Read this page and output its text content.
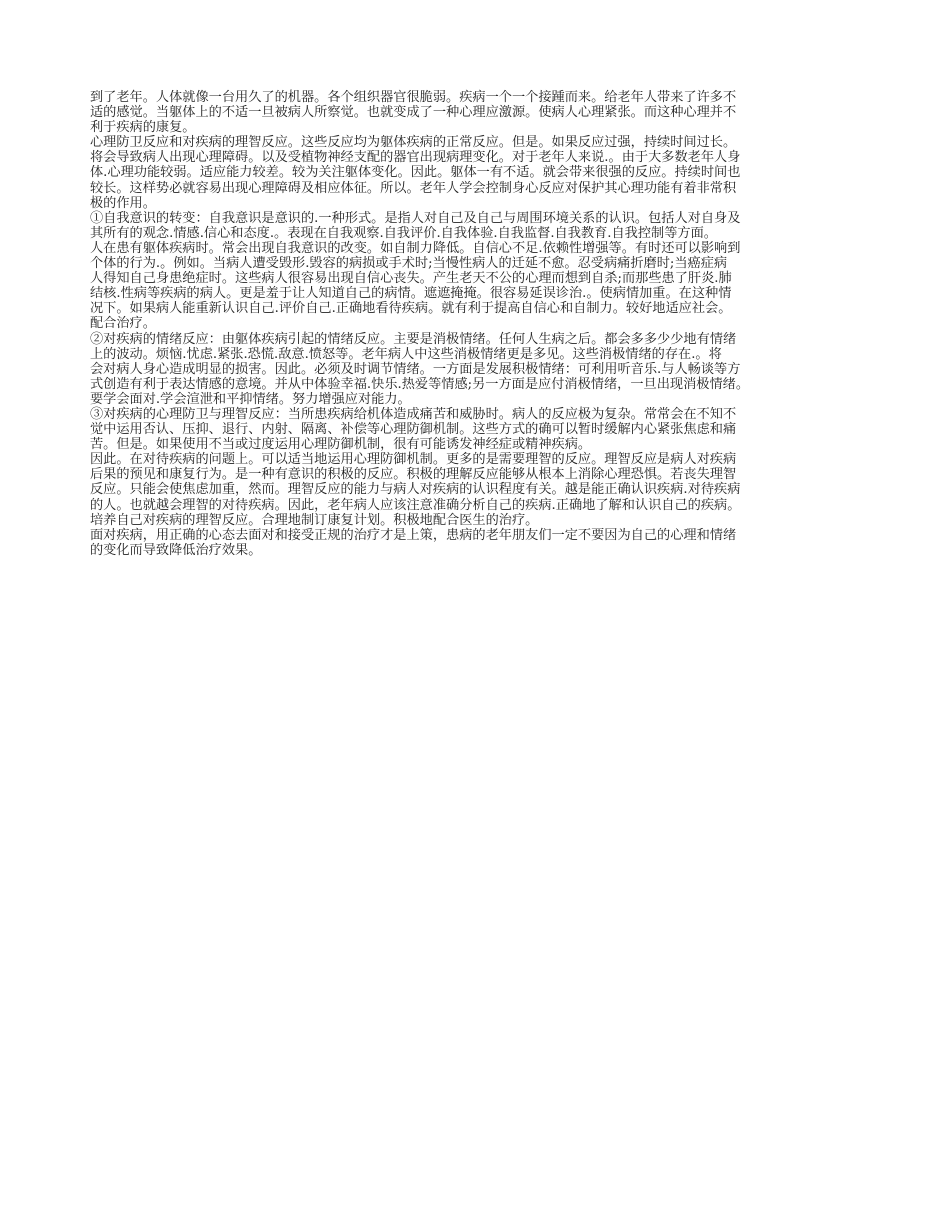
到了老年。人体就像一台用久了的机器。各个组织器官很脆弱。疾病一个一个接踵而来。给老年人带来了许多不
适的感觉。当躯体上的不适一旦被病人所察觉。也就变成了一种心理应激源。使病人心理紧张。而这种心理并不
利于疾病的康复。
心理防卫反应和对疾病的理智反应。这些反应均为躯体疾病的正常反应。但是。如果反应过强，持续时间过长。
将会导致病人出现心理障碍。以及受植物神经支配的器官出现病理变化。对于老年人来说.。由于大多数老年人身
体.心理功能较弱。适应能力较差。较为关注躯体变化。因此。躯体一有不适。就会带来很强的反应。持续时间也
较长。这样势必就容易出现心理障碍及相应体征。所以。老年人学会控制身心反应对保护其心理功能有着非常积
极的作用。
①自我意识的转变：自我意识是意识的.一种形式。是指人对自己及自己与周围环境关系的认识。包括人对自身及
其所有的观念.情感.信心和态度.。表现在自我观察.自我评价.自我体验.自我监督.自我教育.自我控制等方面。
人在患有躯体疾病时。常会出现自我意识的改变。如自制力降低。自信心不足.依赖性增强等。有时还可以影响到
个体的行为.。例如。当病人遭受毁形.毁容的病损或手术时;当慢性病人的迁延不愈。忍受病痛折磨时;当癌症病
人得知自己身患绝症时。这些病人很容易出现自信心丧失。产生老天不公的心理而想到自杀;而那些患了肝炎.肺
结核.性病等疾病的病人。更是羞于让人知道自己的病情。遮遮掩掩。很容易延误诊治.。使病情加重。在这种情
况下。如果病人能重新认识自己.评价自己.正确地看待疾病。就有利于提高自信心和自制力。较好地适应社会。
配合治疗。
②对疾病的情绪反应：由躯体疾病引起的情绪反应。主要是消极情绪。任何人生病之后。都会多多少少地有情绪
上的波动。烦恼.忧虑.紧张.恐慌.敌意.愤怒等。老年病人中这些消极情绪更是多见。这些消极情绪的存在.。将
会对病人身心造成明显的损害。因此。必须及时调节情绪。一方面是发展积极情绪：可利用听音乐.与人畅谈等方
式创造有利于表达情感的意境。并从中体验幸福.快乐.热爱等情感;另一方面是应付消极情绪，一旦出现消极情绪。
要学会面对.学会渲泄和平抑情绪。努力增强应对能力。
③对疾病的心理防卫与理智反应：当所患疾病给机体造成痛苦和威胁时。病人的反应极为复杂。常常会在不知不
觉中运用否认、压抑、退行、内射、隔离、补偿等心理防御机制。这些方式的确可以暂时缓解内心紧张焦虑和痛
苦。但是。如果使用不当或过度运用心理防御机制，很有可能诱发神经症或精神疾病。
因此。在对待疾病的问题上。可以适当地运用心理防御机制。更多的是需要理智的反应。理智反应是病人对疾病
后果的预见和康复行为。是一种有意识的积极的反应。积极的理解反应能够从根本上消除心理恐惧。若丧失理智
反应。只能会使焦虑加重，然而。理智反应的能力与病人对疾病的认识程度有关。越是能正确认识疾病.对待疾病
的人。也就越会理智的对待疾病。因此，老年病人应该注意准确分析自己的疾病.正确地了解和认识自己的疾病。
培养自己对疾病的理智反应。合理地制订康复计划。积极地配合医生的治疗。
面对疾病，用正确的心态去面对和接受正规的治疗才是上策，患病的老年朋友们一定不要因为自己的心理和情绪
的变化而导致降低治疗效果。
